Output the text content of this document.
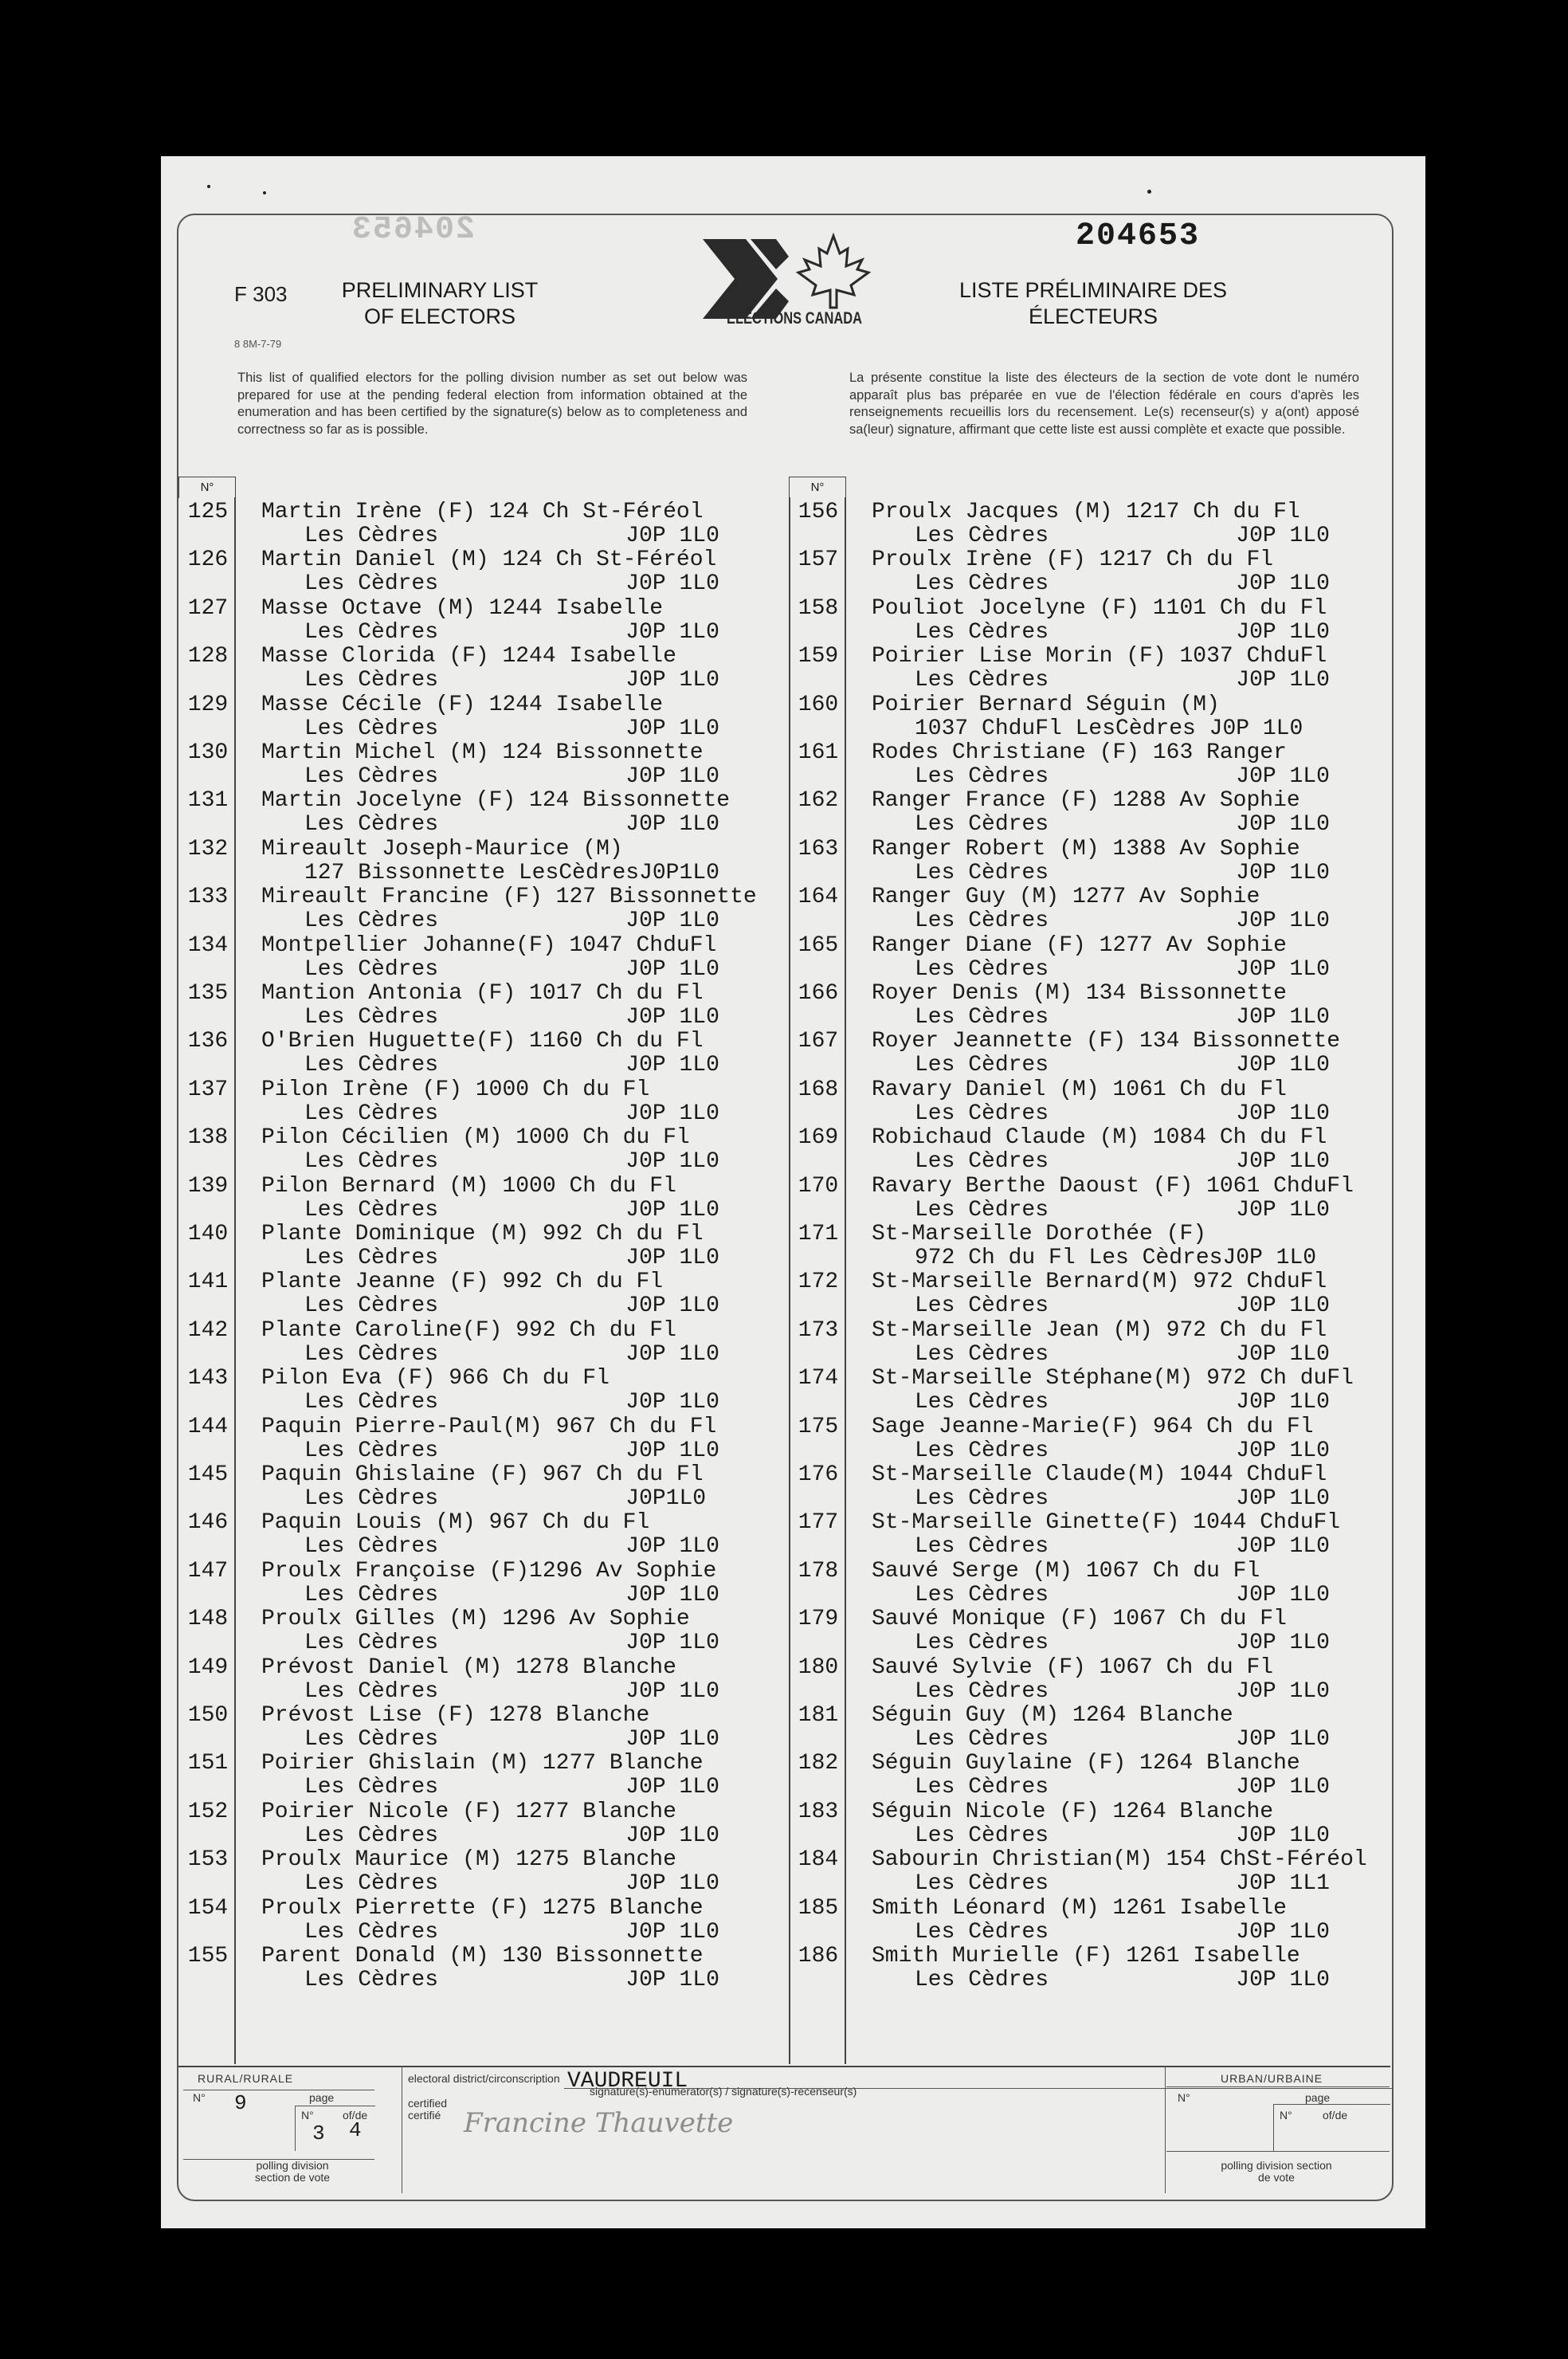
204653	204653
F 303
8 8M-7-79
PRELIMINARY LIST OF ELECTORS
LISTE PRÉLIMINAIRE DES ÉLECTEURS
ELECTIONS CANADA
This list of qualified electors for the polling division number as set out below was prepared for use at the pending federal election from information obtained at the enumeration and has been certified by the signature(s) below as to completeness and correctness so far as is possible.
La présente constitue la liste des électeurs de la section de vote dont le numéro apparaît plus bas préparée en vue de l'élection fédérale en cours d'après les renseignements recueillis lors du recensement. Le(s) recenseur(s) y a(ont) apposé sa(leur) signature, affirmant que cette liste est aussi complète et exacte que possible.
N°	N°
125 Martin Irène (F) 124 Ch St-Féréol
Les Cèdres              J0P 1L0
126 Martin Daniel (M) 124 Ch St-Féréol
Les Cèdres              J0P 1L0
127 Masse Octave (M) 1244 Isabelle
Les Cèdres              J0P 1L0
128 Masse Clorida (F) 1244 Isabelle
Les Cèdres              J0P 1L0
129 Masse Cécile (F) 1244 Isabelle
Les Cèdres              J0P 1L0
130 Martin Michel (M) 124 Bissonnette
Les Cèdres              J0P 1L0
131 Martin Jocelyne (F) 124 Bissonnette
Les Cèdres              J0P 1L0
132 Mireault Joseph-Maurice (M)
127 Bissonnette LesCèdresJ0P1L0
133 Mireault Francine (F) 127 Bissonnette
Les Cèdres              J0P 1L0
134 Montpellier Johanne(F) 1047 ChduFl
Les Cèdres              J0P 1L0
135 Mantion Antonia (F) 1017 Ch du Fl
Les Cèdres              J0P 1L0
136 O'Brien Huguette(F) 1160 Ch du Fl
Les Cèdres              J0P 1L0
137 Pilon Irène (F) 1000 Ch du Fl
Les Cèdres              J0P 1L0
138 Pilon Cécilien (M) 1000 Ch du Fl
Les Cèdres              J0P 1L0
139 Pilon Bernard (M) 1000 Ch du Fl
Les Cèdres              J0P 1L0
140 Plante Dominique (M) 992 Ch du Fl
Les Cèdres              J0P 1L0
141 Plante Jeanne (F) 992 Ch du Fl
Les Cèdres              J0P 1L0
142 Plante Caroline(F) 992 Ch du Fl
Les Cèdres              J0P 1L0
143 Pilon Eva (F) 966 Ch du Fl
Les Cèdres              J0P 1L0
144 Paquin Pierre-Paul(M) 967 Ch du Fl
Les Cèdres              J0P 1L0
145 Paquin Ghislaine (F) 967 Ch du Fl
Les Cèdres              J0P1L0
146 Paquin Louis (M) 967 Ch du Fl
Les Cèdres              J0P 1L0
147 Proulx Françoise (F)1296 Av Sophie
Les Cèdres              J0P 1L0
148 Proulx Gilles (M) 1296 Av Sophie
Les Cèdres              J0P 1L0
149 Prévost Daniel (M) 1278 Blanche
Les Cèdres              J0P 1L0
150 Prévost Lise (F) 1278 Blanche
Les Cèdres              J0P 1L0
151 Poirier Ghislain (M) 1277 Blanche
Les Cèdres              J0P 1L0
152 Poirier Nicole (F) 1277 Blanche
Les Cèdres              J0P 1L0
153 Proulx Maurice (M) 1275 Blanche
Les Cèdres              J0P 1L0
154 Proulx Pierrette (F) 1275 Blanche
Les Cèdres              J0P 1L0
155 Parent Donald (M) 130 Bissonnette
Les Cèdres              J0P 1L0
156 Proulx Jacques (M) 1217 Ch du Fl
Les Cèdres              J0P 1L0
157 Proulx Irène (F) 1217 Ch du Fl
Les Cèdres              J0P 1L0
158 Pouliot Jocelyne (F) 1101 Ch du Fl
Les Cèdres              J0P 1L0
159 Poirier Lise Morin (F) 1037 ChduFl
Les Cèdres              J0P 1L0
160 Poirier Bernard Séguin (M)
1037 ChduFl LesCèdres J0P 1L0
161 Rodes Christiane (F) 163 Ranger
Les Cèdres              J0P 1L0
162 Ranger France (F) 1288 Av Sophie
Les Cèdres              J0P 1L0
163 Ranger Robert (M) 1388 Av Sophie
Les Cèdres              J0P 1L0
164 Ranger Guy (M) 1277 Av Sophie
Les Cèdres              J0P 1L0
165 Ranger Diane (F) 1277 Av Sophie
Les Cèdres              J0P 1L0
166 Royer Denis (M) 134 Bissonnette
Les Cèdres              J0P 1L0
167 Royer Jeannette (F) 134 Bissonnette
Les Cèdres              J0P 1L0
168 Ravary Daniel (M) 1061 Ch du Fl
Les Cèdres              J0P 1L0
169 Robichaud Claude (M) 1084 Ch du Fl
Les Cèdres              J0P 1L0
170 Ravary Berthe Daoust (F) 1061 ChduFl
Les Cèdres              J0P 1L0
171 St-Marseille Dorothée (F)
972 Ch du Fl Les CèdresJ0P 1L0
172 St-Marseille Bernard(M) 972 ChduFl
Les Cèdres              J0P 1L0
173 St-Marseille Jean (M) 972 Ch du Fl
Les Cèdres              J0P 1L0
174 St-Marseille Stéphane(M) 972 Ch duFl
Les Cèdres              J0P 1L0
175 Sage Jeanne-Marie(F) 964 Ch du Fl
Les Cèdres              J0P 1L0
176 St-Marseille Claude(M) 1044 ChduFl
Les Cèdres              J0P 1L0
177 St-Marseille Ginette(F) 1044 ChduFl
Les Cèdres              J0P 1L0
178 Sauvé Serge (M) 1067 Ch du Fl
Les Cèdres              J0P 1L0
179 Sauvé Monique (F) 1067 Ch du Fl
Les Cèdres              J0P 1L0
180 Sauvé Sylvie (F) 1067 Ch du Fl
Les Cèdres              J0P 1L0
181 Séguin Guy (M) 1264 Blanche
Les Cèdres              J0P 1L0
182 Séguin Guylaine (F) 1264 Blanche
Les Cèdres              J0P 1L0
183 Séguin Nicole (F) 1264 Blanche
Les Cèdres              J0P 1L0
184 Sabourin Christian(M) 154 ChSt-Féréol
Les Cèdres              J0P 1L1
185 Smith Léonard (M) 1261 Isabelle
Les Cèdres              J0P 1L0
186 Smith Murielle (F) 1261 Isabelle
Les Cèdres              J0P 1L0
RURAL/RURALE
N°	page
N°	of/de
9
3 4
polling division section de vote
electoral district/circonscription VAUDREUIL
signature(s)-enumerator(s) / signature(s)-recenseur(s)
certified certifié Francine Thauvette
URBAN/URBAINE
N°	page
N°	of/de
polling division section de vote
